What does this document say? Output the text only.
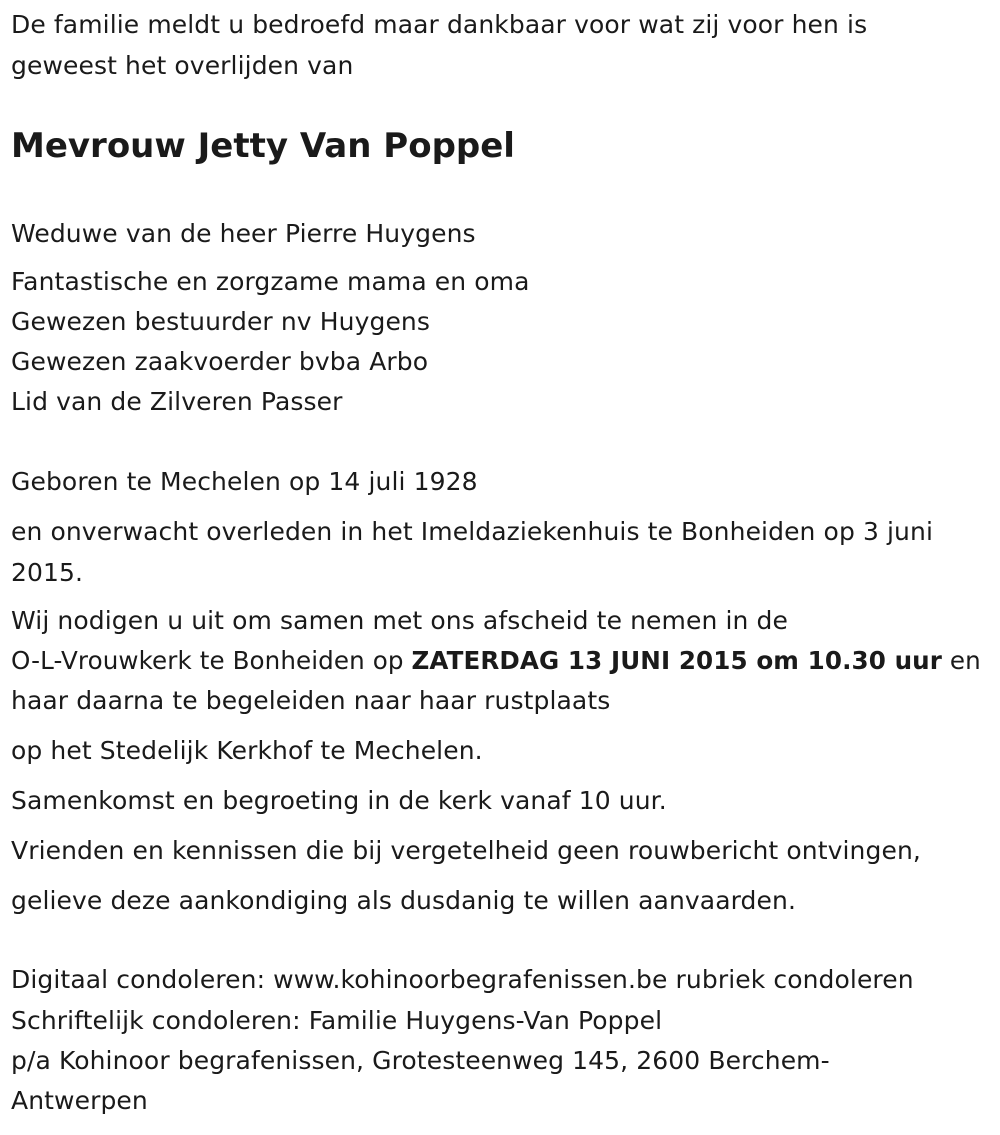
De familie meldt u bedroefd maar dankbaar voor wat zij voor hen is
geweest het overlijden van
Mevrouw Jetty Van Poppel
Weduwe van de heer Pierre Huygens
Fantastische en zorgzame mama en oma
Gewezen bestuurder nv Huygens
Gewezen zaakvoerder bvba Arbo
Lid van de Zilveren Passer
Geboren te Mechelen op 14 juli 1928
en onverwacht overleden in het Imeldaziekenhuis te Bonheiden op 3 juni
2015.
Wij nodigen u uit om samen met ons afscheid te nemen in de
O-L-Vrouwkerk te Bonheiden op ZATERDAG 13 JUNI 2015 om 10.30 uur en
haar daarna te begeleiden naar haar rustplaats
op het Stedelijk Kerkhof te Mechelen.
Samenkomst en begroeting in de kerk vanaf 10 uur.
Vrienden en kennissen die bij vergetelheid geen rouwbericht ontvingen,
gelieve deze aankondiging als dusdanig te willen aanvaarden.
Digitaal condoleren: www.kohinoorbegrafenissen.be rubriek condoleren
Schriftelijk condoleren: Familie Huygens-Van Poppel
p/a Kohinoor begrafenissen, Grotesteenweg 145, 2600 Berchem-
Antwerpen
